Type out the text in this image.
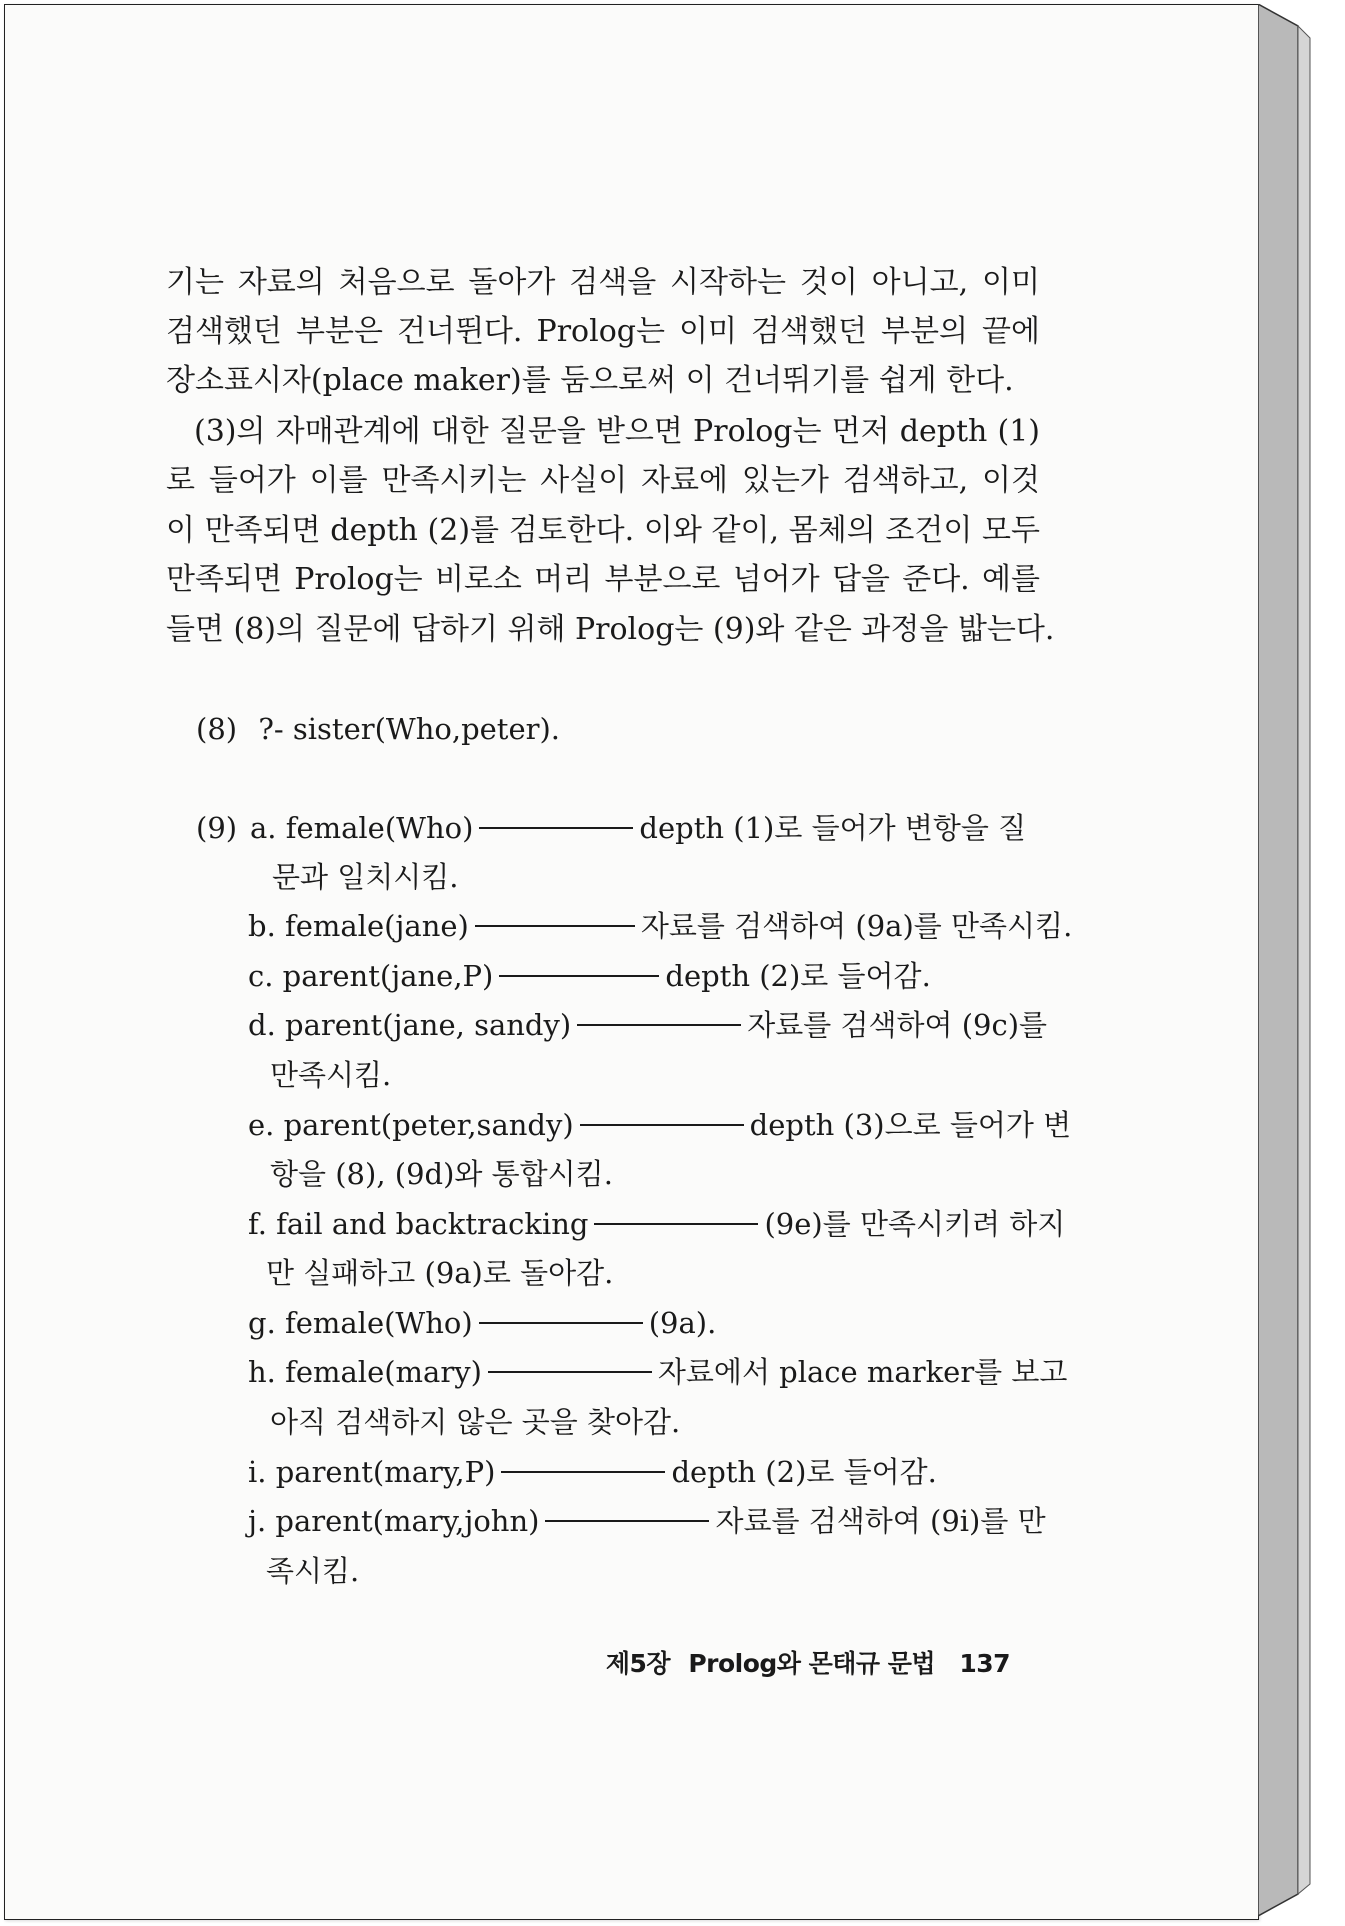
기는 자료의 처음으로 돌아가 검색을 시작하는 것이 아니고, 이미
검색했던 부분은 건너뛴다. Prolog는 이미 검색했던 부분의 끝에
장소표시자(place maker)를 둠으로써 이 건너뛰기를 쉽게 한다.
(3)의 자매관계에 대한 질문을 받으면 Prolog는 먼저 depth (1)
로 들어가 이를 만족시키는 사실이 자료에 있는가 검색하고, 이것
이 만족되면 depth (2)를 검토한다. 이와 같이, 몸체의 조건이 모두
만족되면 Prolog는 비로소 머리 부분으로 넘어가 답을 준다. 예를
들면 (8)의 질문에 답하기 위해 Prolog는 (9)와 같은 과정을 밟는다.
(8) ?- sister(Who,peter).
(9) a. female(Who)	depth (1)로 들어가 변항을 질
문과 일치시킴.
b. female(jane)	자료를 검색하여 (9a)를 만족시킴.
c. parent(jane,P)	depth (2)로 들어감.
d. parent(jane, sandy)	자료를 검색하여 (9c)를
만족시킴.
e. parent(peter,sandy)	depth (3)으로 들어가 변
항을 (8), (9d)와 통합시킴.
f. fail and backtracking	(9e)를 만족시키려 하지
만 실패하고 (9a)로 돌아감.
g. female(Who)	(9a).
h. female(mary)	자료에서 place marker를 보고
아직 검색하지 않은 곳을 찾아감.
i. parent(mary,P)	depth (2)로 들어감.
j. parent(mary,john)	자료를 검색하여 (9i)를 만
족시킴.
제5장 Prolog와 몬태규 문법 137
